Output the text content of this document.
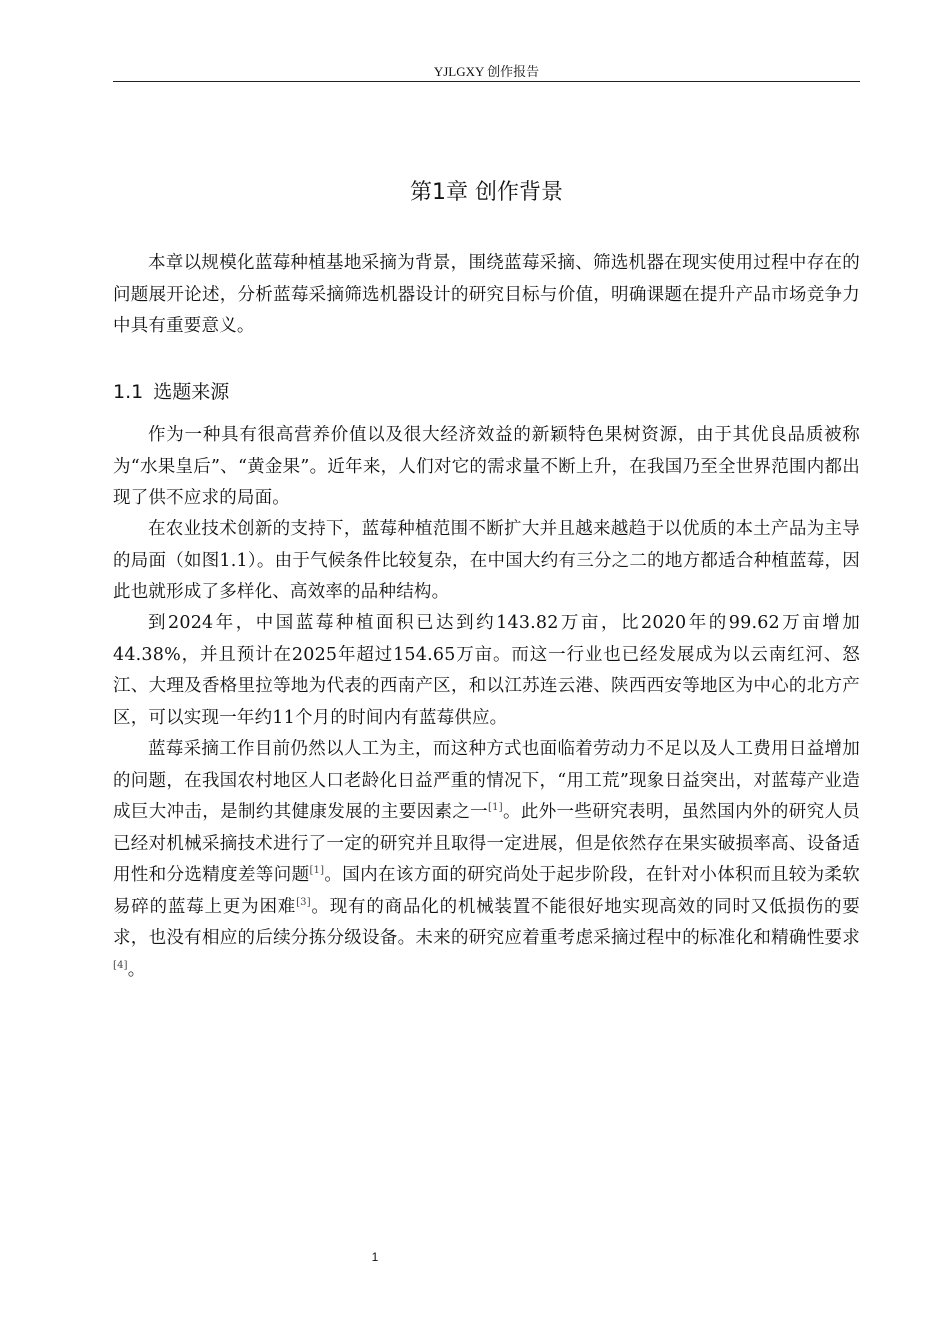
YJLGXY 创作报告
第1章 创作背景

本章以规模化蓝莓种植基地采摘为背景，围绕蓝莓采摘、筛选机器在现实使用过程中存在的问题展开论述，分析蓝莓采摘筛选机器设计的研究目标与价值，明确课题在提升产品市场竞争力中具有重要意义。

1.1 选题来源

作为一种具有很高营养价值以及很大经济效益的新颖特色果树资源，由于其优良品质被称为“水果皇后”、“黄金果”。近年来，人们对它的需求量不断上升，在我国乃至全世界范围内都出现了供不应求的局面。

在农业技术创新的支持下，蓝莓种植范围不断扩大并且越来越趋于以优质的本土产品为主导的局面（如图1.1）。由于气候条件比较复杂，在中国大约有三分之二的地方都适合种植蓝莓，因此也就形成了多样化、高效率的品种结构。

到2024年，中国蓝莓种植面积已达到约143.82万亩，比2020年的99.62万亩增加44.38%，并且预计在2025年超过154.65万亩。而这一行业也已经发展成为以云南红河、怒江、大理及香格里拉等地为代表的西南产区，和以江苏连云港、陕西西安等地区为中心的北方产区，可以实现一年约11个月的时间内有蓝莓供应。

蓝莓采摘工作目前仍然以人工为主，而这种方式也面临着劳动力不足以及人工费用日益增加的问题，在我国农村地区人口老龄化日益严重的情况下，“用工荒”现象日益突出，对蓝莓产业造成巨大冲击，是制约其健康发展的主要因素之一[1]。此外一些研究表明，虽然国内外的研究人员已经对机械采摘技术进行了一定的研究并且取得一定进展，但是依然存在果实破损率高、设备适用性和分选精度差等问题[1]。国内在该方面的研究尚处于起步阶段，在针对小体积而且较为柔软易碎的蓝莓上更为困难[3]。现有的商品化的机械装置不能很好地实现高效的同时又低损伤的要求，也没有相应的后续分拣分级设备。未来的研究应着重考虑采摘过程中的标准化和精确性要求[4]。

1
